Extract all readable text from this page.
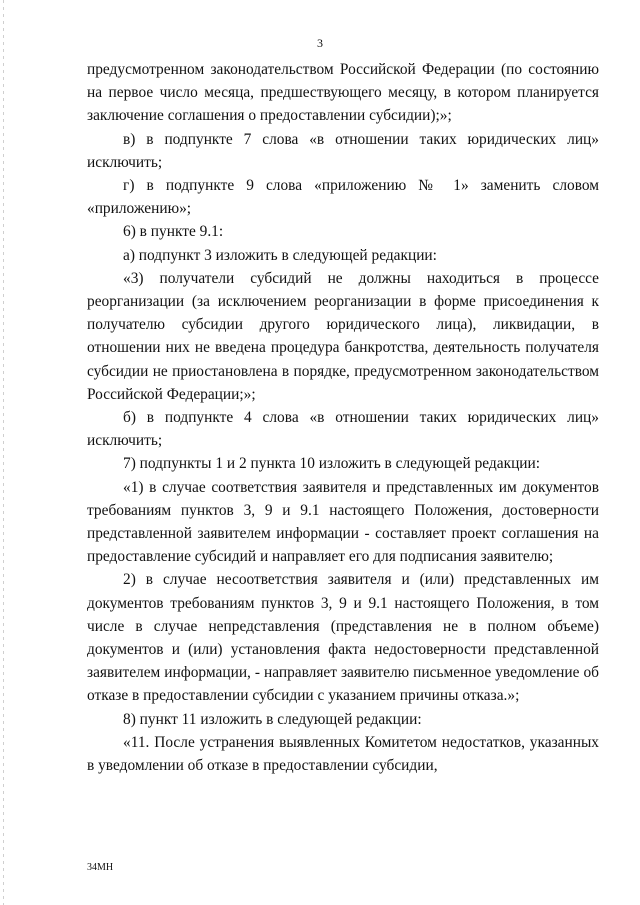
3

предусмотренном законодательством Российской Федерации (по состоянию на первое число месяца, предшествующего месяцу, в котором планируется заключение соглашения о предоставлении субсидии);»;

в) в подпункте 7 слова «в отношении таких юридических лиц» исключить;

г) в подпункте 9 слова «приложению № 1» заменить словом «приложению»;

6) в пункте 9.1:

а) подпункт 3 изложить в следующей редакции:

«3) получатели субсидий не должны находиться в процессе реорганизации (за исключением реорганизации в форме присоединения к получателю субсидии другого юридического лица), ликвидации, в отношении них не введена процедура банкротства, деятельность получателя субсидии не приостановлена в порядке, предусмотренном законодательством Российской Федерации;»;

б) в подпункте 4 слова «в отношении таких юридических лиц» исключить;

7) подпункты 1 и 2 пункта 10 изложить в следующей редакции:

«1) в случае соответствия заявителя и представленных им документов требованиям пунктов 3, 9 и 9.1 настоящего Положения, достоверности представленной заявителем информации - составляет проект соглашения на предоставление субсидий и направляет его для подписания заявителю;

2) в случае несоответствия заявителя и (или) представленных им документов требованиям пунктов 3, 9 и 9.1 настоящего Положения, в том числе в случае непредставления (представления не в полном объеме) документов и (или) установления факта недостоверности представленной заявителем информации, - направляет заявителю письменное уведомление об отказе в предоставлении субсидии с указанием причины отказа.»;

8) пункт 11 изложить в следующей редакции:

«11. После устранения выявленных Комитетом недостатков, указанных в уведомлении об отказе в предоставлении субсидии,

34МН
